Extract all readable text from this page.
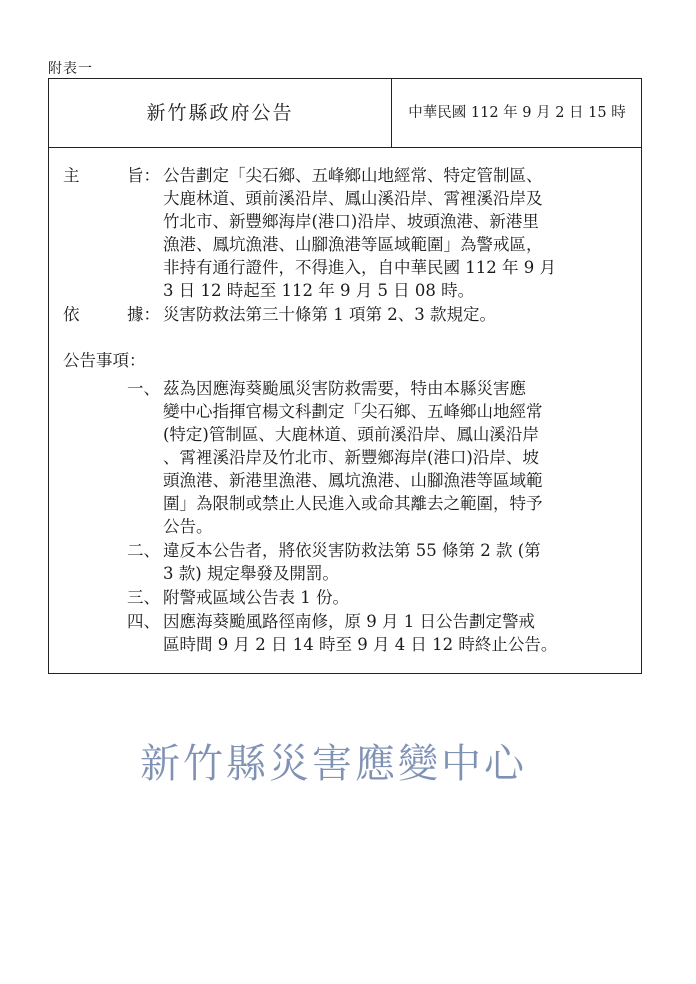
附表一
新竹縣政府公告	中華民國 112 年 9 月 2 日 15 時
主	旨： 公告劃定「尖石鄉、五峰鄉山地經常、特定管制區、
大鹿林道、頭前溪沿岸、鳳山溪沿岸、霄裡溪沿岸及
竹北市、新豐鄉海岸(港口)沿岸、坡頭漁港、新港里
漁港、鳳坑漁港、山腳漁港等區域範圍」為警戒區，
非持有通行證件，不得進入，自中華民國 112 年 9 月
3 日 12 時起至 112 年 9 月 5 日 08 時。
依	據： 災害防救法第三十條第 1 項第 2、3 款規定。
公告事項：
一、 茲為因應海葵颱風災害防救需要，特由本縣災害應
變中心指揮官楊文科劃定「尖石鄉、五峰鄉山地經常
(特定)管制區、大鹿林道、頭前溪沿岸、鳳山溪沿岸
、霄裡溪沿岸及竹北市、新豐鄉海岸(港口)沿岸、坡
頭漁港、新港里漁港、鳳坑漁港、山腳漁港等區域範
圍」為限制或禁止人民進入或命其離去之範圍，特予
公告。
二、 違反本公告者，將依災害防救法第 55 條第 2 款 (第
3 款) 規定舉發及開罰。
三、 附警戒區域公告表 1 份。
四、 因應海葵颱風路徑南修，原 9 月 1 日公告劃定警戒
區時間 9 月 2 日 14 時至 9 月 4 日 12 時終止公告。
新竹縣災害應變中心
